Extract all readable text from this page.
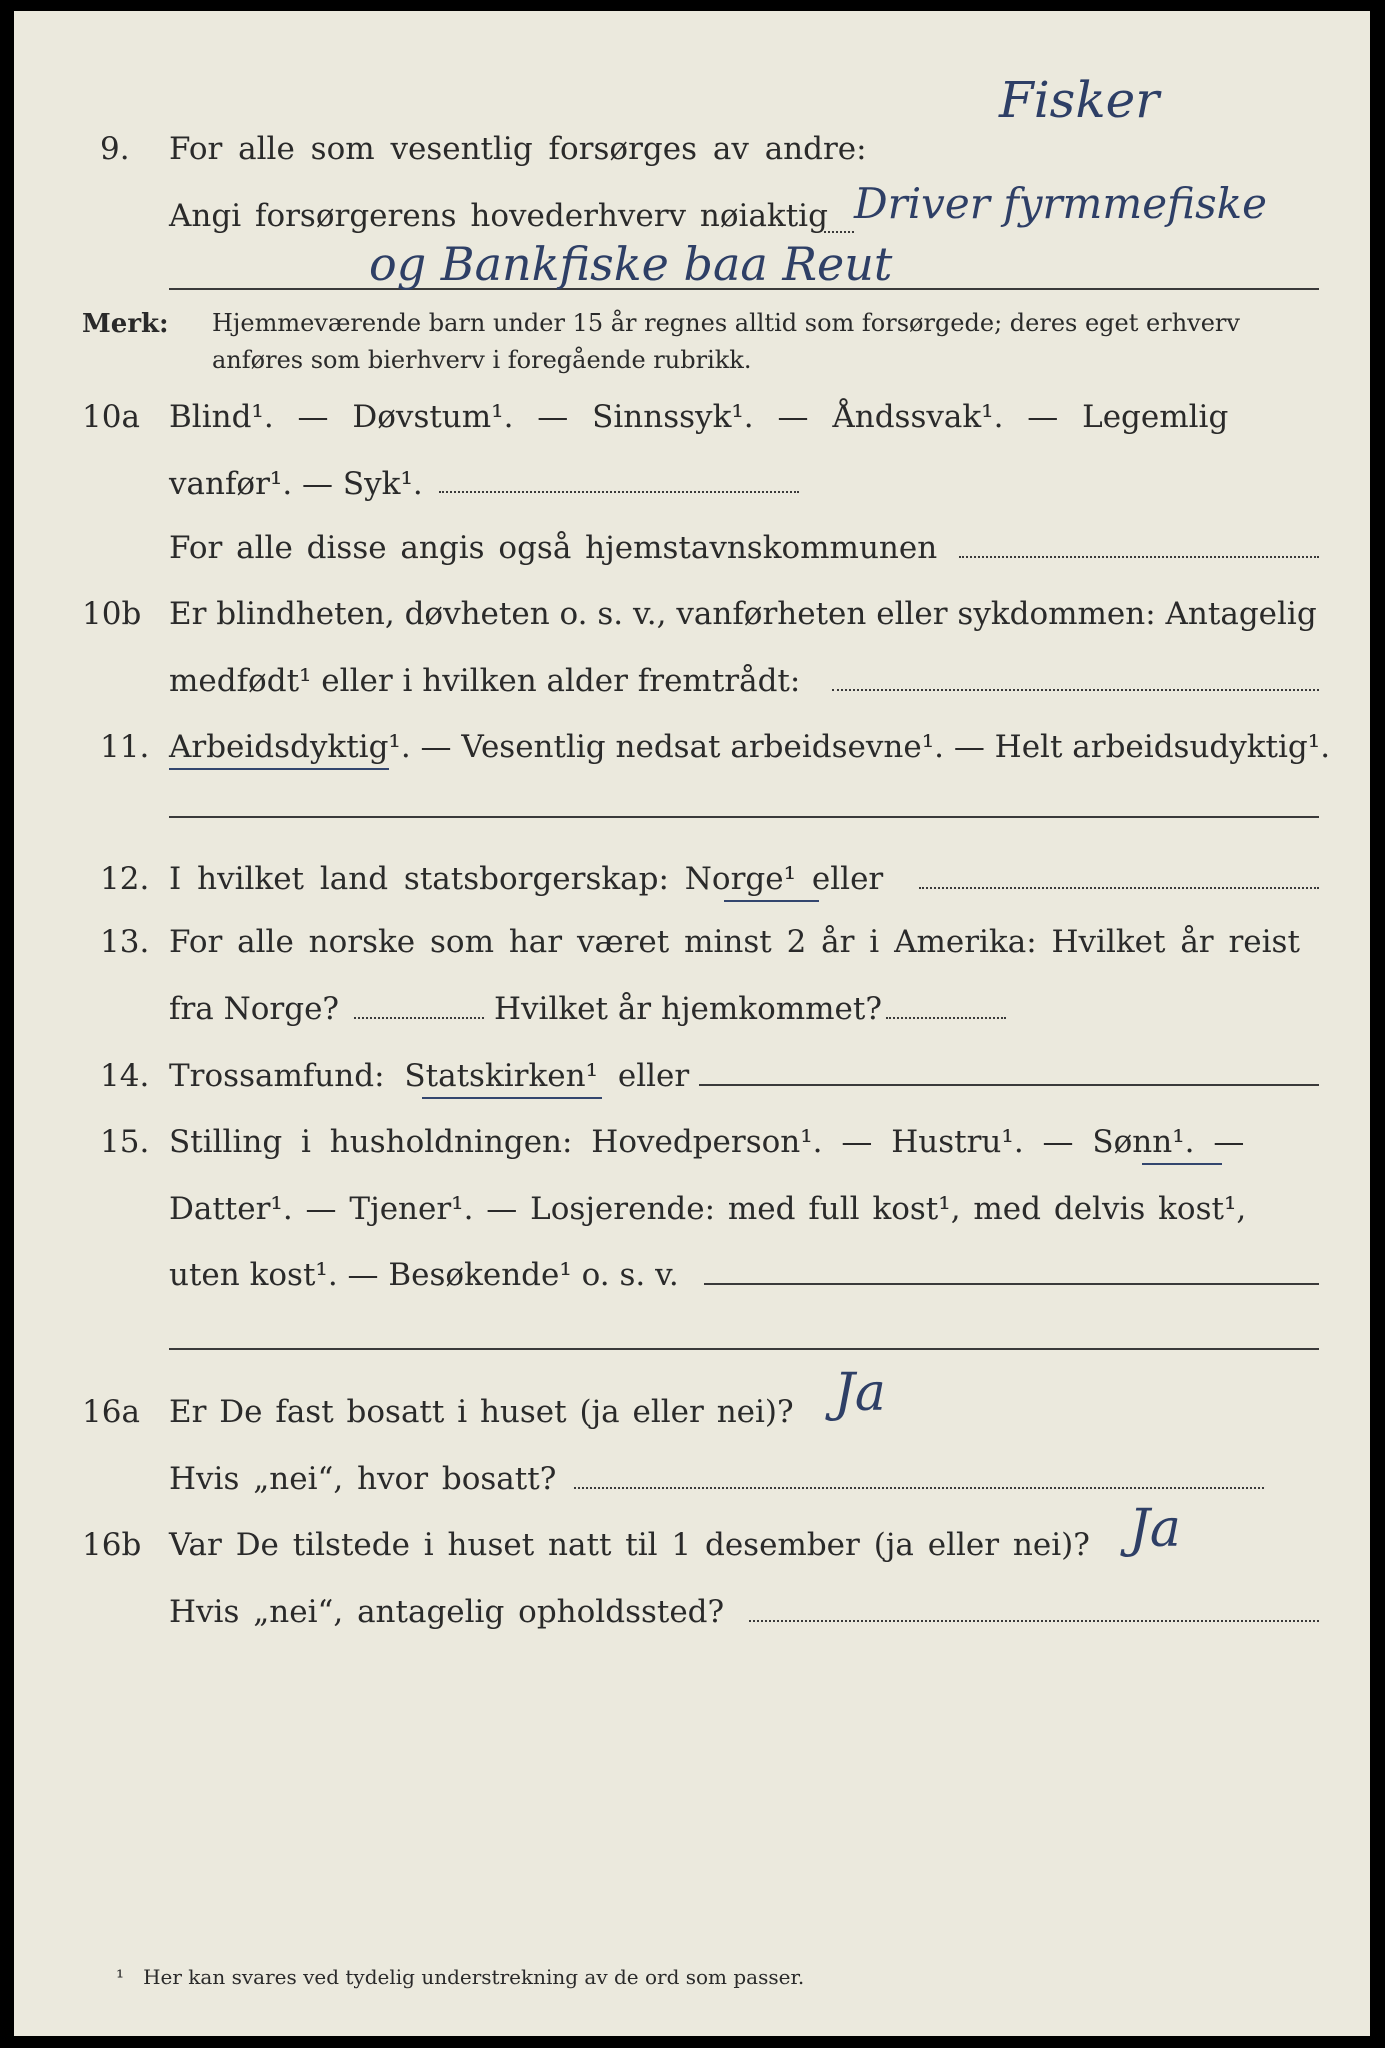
Fisker
9. For alle som vesentlig forsørges av andre:
Angi forsørgerens hovederhverv nøiaktig Driver fyrmmefiske
og Bankfiske baa Reut
Merk: Hjemmeværende barn under 15 år regnes alltid som forsørgede; deres eget erhverv
anføres som bierhverv i foregående rubrikk.
10a Blind¹. — Døvstum¹. — Sinnssyk¹. — Åndssvak¹. — Legemlig
vanfør¹. — Syk¹.
For alle disse angis også hjemstavnskommunen
10b Er blindheten, døvheten o. s. v., vanførheten eller sykdommen: Antagelig
medfødt¹ eller i hvilken alder fremtrådt:
11. Arbeidsdyktig¹. — Vesentlig nedsat arbeidsevne¹. — Helt arbeidsudyktig¹.
12. I hvilket land statsborgerskap: Norge¹ eller
13. For alle norske som har været minst 2 år i Amerika: Hvilket år reist
fra Norge?	Hvilket år hjemkommet?
14. Trossamfund: Statskirken¹ eller
15. Stilling i husholdningen: Hovedperson¹. — Hustru¹. — Sønn¹. —
Datter¹. — Tjener¹. — Losjerende: med full kost¹, med delvis kost¹,
uten kost¹. — Besøkende¹ o. s. v.
16a Er De fast bosatt i huset (ja eller nei)? Ja
Hvis „nei“, hvor bosatt?
16b Var De tilstede i huset natt til 1 desember (ja eller nei)? Ja
Hvis „nei“, antagelig opholdssted?
¹ Her kan svares ved tydelig understrekning av de ord som passer.
